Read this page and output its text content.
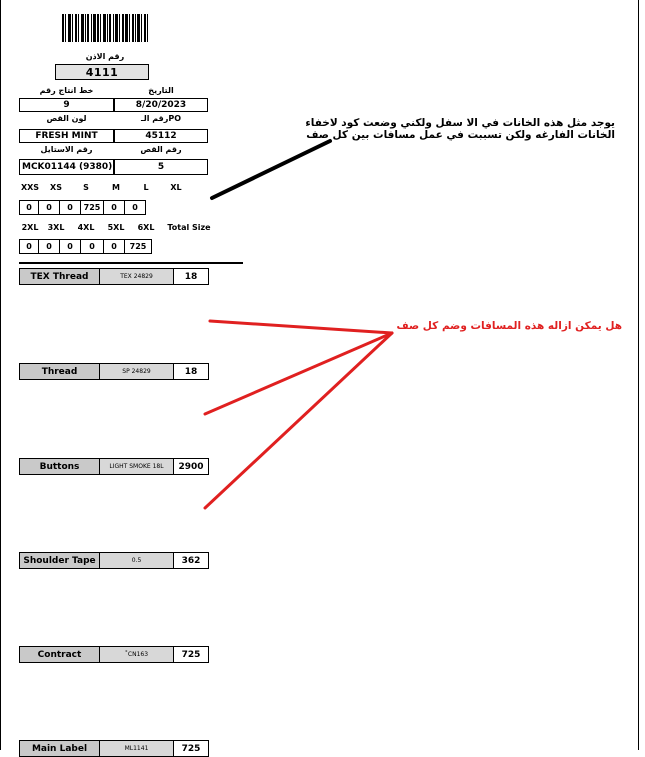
رقم الاذن
4111
خط انتاج رقم	التاريخ
9	8/20/2023
لون القص	رقم الـPO
FRESH MINT	45112
رقم الاستايل	رقم القص
MCK01144 (9380)	5
XXS	XS	S	M	L	XL
0	0	0	725	0	0
2XL	3XL	4XL	5XL	6XL	Total Size
0	0	0	0	0	725
TEX Thread	TEX 24829	18
Thread	SP 24829	18
Buttons	LIGHT SMOKE 18L	2900
Shoulder Tape	0.5	362
Contract	˚CN163	725
Main Label	ML1141	725
يوجد مثل هذه الخانات في الا سفل ولكني وضعت كود لاخفاء الخانات الفارغه ولكن تسببت في عمل مسافات بين كل صف
هل يمكن ازاله هذه المسافات وضم كل صف
